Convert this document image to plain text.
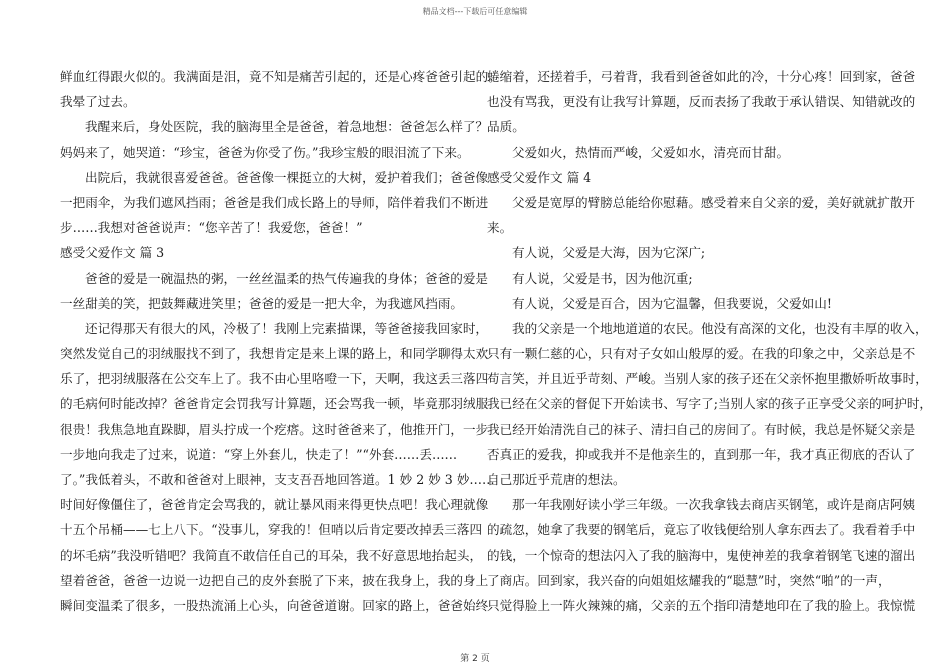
精品文档---下载后可任意编辑
鲜血红得跟火似的。我满面是泪，竟不知是痛苦引起的，还是心疼爸爸引起的。
我晕了过去。
我醒来后，身处医院，我的脑海里全是爸爸，着急地想：爸爸怎么样了？
妈妈来了，她哭道：“珍宝，爸爸为你受了伤。”我珍宝般的眼泪流了下来。
出院后，我就很喜爱爸爸。爸爸像一棵挺立的大树，爱护着我们；爸爸像
一把雨伞，为我们遮风挡雨；爸爸是我们成长路上的导师，陪伴着我们不断进
步……我想对爸爸说声：“您辛苦了！我爱您，爸爸！”
感受父爱作文 篇 3
爸爸的爱是一碗温热的粥，一丝丝温柔的热气传遍我的身体；爸爸的爱是
一丝甜美的笑，把鼓舞藏进笑里；爸爸的爱是一把大伞，为我遮风挡雨。
还记得那天有很大的风，冷极了！我刚上完素描课，等爸爸接我回家时，
突然发觉自己的羽绒服找不到了，我想肯定是来上课的路上，和同学聊得太欢
乐了，把羽绒服落在公交车上了。我不由心里咯噔一下，天啊，我这丢三落四
的毛病何时能改掉？爸爸肯定会罚我写计算题，还会骂我一顿，毕竟那羽绒服
很贵！我焦急地直跺脚，眉头拧成一个疙瘩。这时爸爸来了，他推开门，一步
一步地向我走了过来，说道：“穿上外套儿，快走了！”“外套……丢……
了。”我低着头，不敢和爸爸对上眼神，支支吾吾地回答道。1 妙 2 妙 3 妙……
时间好像僵住了，爸爸肯定会骂我的，就让暴风雨来得更快点吧！我心理就像
十五个吊桶——七上八下。“没事儿，穿我的！但哨以后肯定要改掉丢三落四
的坏毛病”我没听错吧？我简直不敢信任自己的耳朵，我不好意思地抬起头，
望着爸爸，爸爸一边说一边把自己的皮外套脱了下来，披在我身上，我的身上
瞬间变温柔了很多，一股热流涌上心头，向爸爸道谢。回家的路上，爸爸始终
蜷缩着，还搓着手，弓着背，我看到爸爸如此的冷，十分心疼！回到家，爸爸
也没有骂我，更没有让我写计算题，反而表扬了我敢于承认错误、知错就改的
品质。
父爱如火，热情而严峻，父爱如水，清亮而甘甜。
感受父爱作文 篇 4
父爱是宽厚的臂膀总能给你慰藉。感受着来自父亲的爱，美好就就扩散开
来。
有人说，父爱是大海，因为它深广;
有人说，父爱是书，因为他沉重;
有人说，父爱是百合，因为它温馨，但我要说，父爱如山!
我的父亲是一个地地道道的农民。他没有高深的文化，也没有丰厚的收入，
只有一颗仁慈的心，只有对子女如山般厚的爱。在我的印象之中，父亲总是不
苟言笑，并且近乎苛刻、严峻。当别人家的孩子还在父亲怀抱里撒娇听故事时，
我已经在父亲的督促下开始读书、写字了;当别人家的孩子正享受父亲的呵护时，
我已经开始清洗自己的袜子、清扫自己的房间了。有时候，我总是怀疑父亲是
否真正的爱我，抑或我并不是他亲生的，直到那一年，我才真正彻底的否认了
自己那近乎荒唐的想法。
那一年我刚好读小学三年级。一次我拿钱去商店买钢笔，或许是商店阿姨
的疏忽，她拿了我要的钢笔后，竟忘了收钱便给别人拿东西去了。我看着手中
的钱，一个惊奇的想法闪入了我的脑海中，鬼使神差的我拿着钢笔飞速的溜出
了商店。回到家，我兴奋的向姐姐炫耀我的“聪慧”时，突然“啪”的一声，
只觉得脸上一阵火辣辣的痛，父亲的五个指印清楚地印在了我的脸上。我惊慌
第 2 页
